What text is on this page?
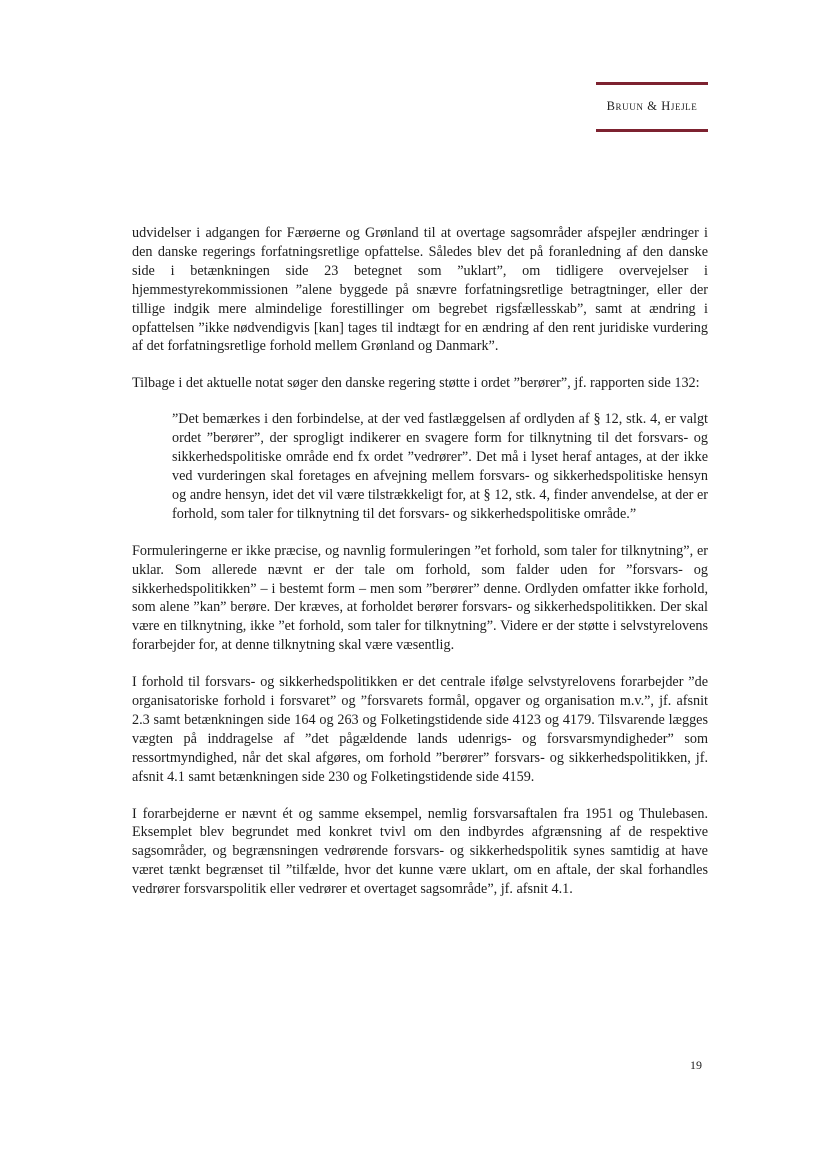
Bruun & Hjejle

udvidelser i adgangen for Færøerne og Grønland til at overtage sagsområder afspejler ændringer i den danske regerings forfatningsretlige opfattelse. Således blev det på foranledning af den danske side i betænkningen side 23 betegnet som ”uklart”, om tidligere overvejelser i hjemmestyrekommissionen ”alene byggede på snævre forfatningsretlige betragtninger, eller der tillige indgik mere almindelige forestillinger om begrebet rigsfællesskab”, samt at ændring i opfattelsen ”ikke nødvendigvis [kan] tages til indtægt for en ændring af den rent juridiske vurdering af det forfatningsretlige forhold mellem Grønland og Danmark”.

Tilbage i det aktuelle notat søger den danske regering støtte i ordet ”berører”, jf. rapporten side 132:

”Det bemærkes i den forbindelse, at der ved fastlæggelsen af ordlyden af § 12, stk. 4, er valgt ordet ”berører”, der sprogligt indikerer en svagere form for tilknytning til det forsvars- og sikkerhedspolitiske område end fx ordet ”vedrører”. Det må i lyset heraf antages, at der ikke ved vurderingen skal foretages en afvejning mellem forsvars- og sikkerhedspolitiske hensyn og andre hensyn, idet det vil være tilstrækkeligt for, at § 12, stk. 4, finder anvendelse, at der er forhold, som taler for tilknytning til det forsvars- og sikkerhedspolitiske område.”

Formuleringerne er ikke præcise, og navnlig formuleringen ”et forhold, som taler for tilknytning”, er uklar. Som allerede nævnt er der tale om forhold, som falder uden for ”forsvars- og sikkerhedspolitikken” – i bestemt form – men som ”berører” denne. Ordlyden omfatter ikke forhold, som alene ”kan” berøre. Der kræves, at forholdet berører forsvars- og sikkerhedspolitikken. Der skal være en tilknytning, ikke ”et forhold, som taler for tilknytning”. Videre er der støtte i selvstyrelovens forarbejder for, at denne tilknytning skal være væsentlig.

I forhold til forsvars- og sikkerhedspolitikken er det centrale ifølge selvstyrelovens forarbejder ”de organisatoriske forhold i forsvaret” og ”forsvarets formål, opgaver og organisation m.v.”, jf. afsnit 2.3 samt betænkningen side 164 og 263 og Folketingstidende side 4123 og 4179. Tilsvarende lægges vægten på inddragelse af ”det pågældende lands udenrigs- og forsvarsmyndigheder” som ressortmyndighed, når det skal afgøres, om forhold ”berører” forsvars- og sikkerhedspolitikken, jf. afsnit 4.1 samt betænkningen side 230 og Folketingstidende side 4159.

I forarbejderne er nævnt ét og samme eksempel, nemlig forsvarsaftalen fra 1951 og Thulebasen. Eksemplet blev begrundet med konkret tvivl om den indbyrdes afgrænsning af de respektive sagsområder, og begrænsningen vedrørende forsvars- og sikkerhedspolitik synes samtidig at have været tænkt begrænset til ”tilfælde, hvor det kunne være uklart, om en aftale, der skal forhandles vedrører forsvarspolitik eller vedrører et overtaget sagsområde”, jf. afsnit 4.1.

19
